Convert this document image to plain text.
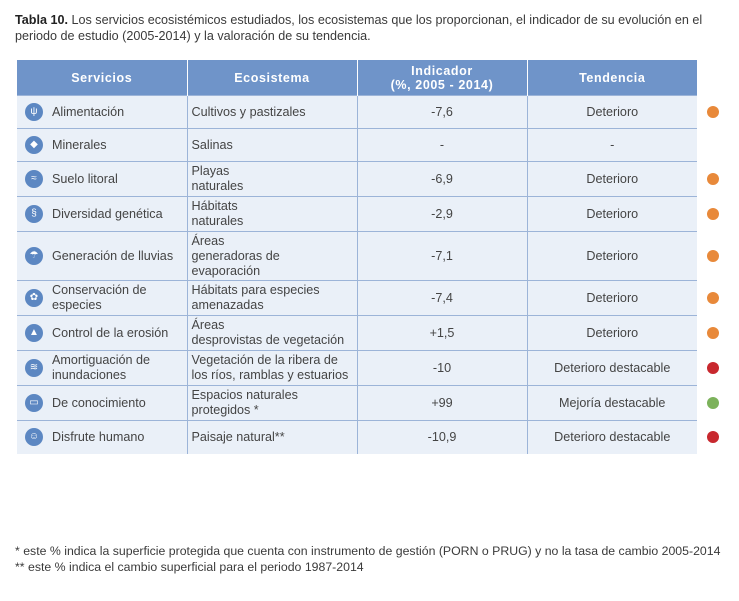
Tabla 10. Los servicios ecosistémicos estudiados, los ecosistemas que los proporcionan, el indicador de su evolución en el periodo de estudio (2005-2014) y la valoración de su tendencia.
Servicios	Ecosistema	Indicador
(%, 2005 - 2014)	Tendencia

ψ Alimentación	Cultivos y pastizales	-7,6	Deterioro

◆ Minerales	Salinas	-	-

≈ Suelo litoral	Playas
naturales	-6,9	Deterioro

§ Diversidad genética	Hábitats
naturales	-2,9	Deterioro

☂ Generación de lluvias	Áreas
generadoras de
evaporación	-7,1	Deterioro

✿
Conservación de
especies	Hábitats para especies
amenazadas	-7,4	Deterioro

▲ Control de la erosión	Áreas
desprovistas de vegetación	+1,5	Deterioro

≋
Amortiguación de
inundaciones	Vegetación de la ribera de
los ríos, ramblas y estuarios	-10	Deterioro destacable

▭ De conocimiento	Espacios naturales
protegidos *	+99	Mejoría destacable

☺ Disfrute humano	Paisaje natural**	-10,9	Deterioro destacable
* este % indica la superficie protegida que cuenta con instrumento de gestión (PORN o PRUG) y no la tasa de cambio 2005-2014
** este % indica el cambio superficial para el periodo 1987-2014
